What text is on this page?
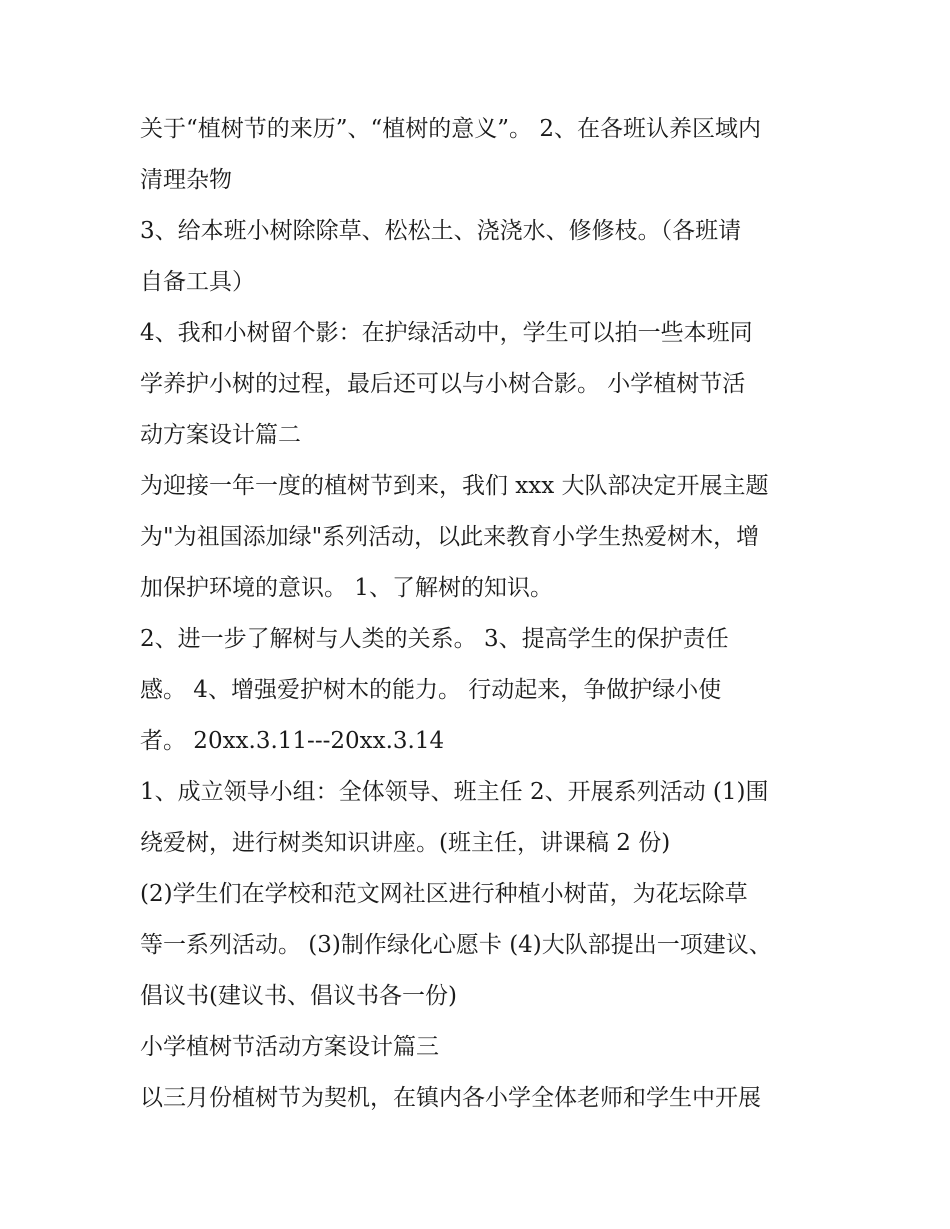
关于“植树节的来历”、“植树的意义”。 2、在各班认养区域内
清理杂物
3、给本班小树除除草、松松土、浇浇水、修修枝。（各班请
自备工具）
4、我和小树留个影：在护绿活动中，学生可以拍一些本班同
学养护小树的过程，最后还可以与小树合影。 小学植树节活
动方案设计篇二
为迎接一年一度的植树节到来，我们 xxx 大队部决定开展主题
为"为祖国添加绿"系列活动，以此来教育小学生热爱树木，增
加保护环境的意识。 1、了解树的知识。
2、进一步了解树与人类的关系。 3、提高学生的保护责任
感。 4、增强爱护树木的能力。 行动起来，争做护绿小使
者。 20xx.3.11---20xx.3.14
1、成立领导小组：全体领导、班主任 2、开展系列活动 (1)围
绕爱树，进行树类知识讲座。(班主任，讲课稿 2 份)
(2)学生们在学校和范文网社区进行种植小树苗，为花坛除草
等一系列活动。 (3)制作绿化心愿卡 (4)大队部提出一项建议、
倡议书(建议书、倡议书各一份)
小学植树节活动方案设计篇三
以三月份植树节为契机，在镇内各小学全体老师和学生中开展
